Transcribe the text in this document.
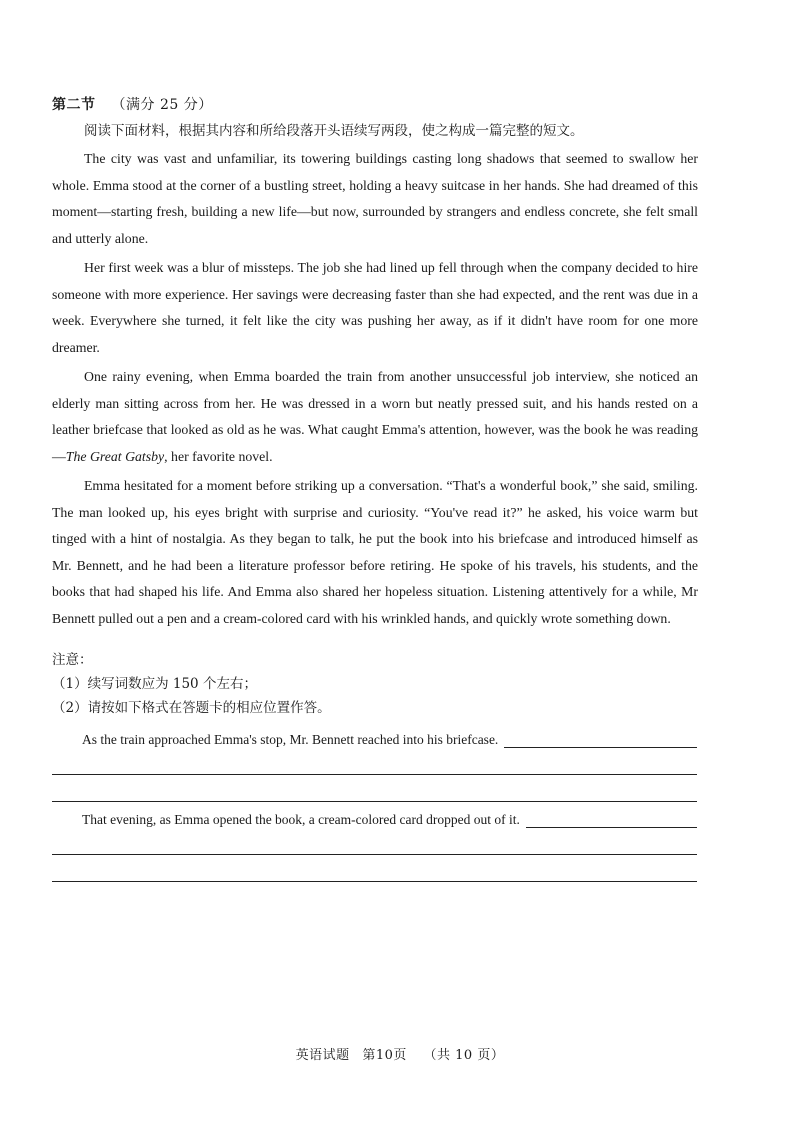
第二节 （满分 25 分）
阅读下面材料，根据其内容和所给段落开头语续写两段，使之构成一篇完整的短文。

The city was vast and unfamiliar, its towering buildings casting long shadows that seemed to swallow her whole. Emma stood at the corner of a bustling street, holding a heavy suitcase in her hands. She had dreamed of this moment—starting fresh, building a new life—but now, surrounded by strangers and endless concrete, she felt small and utterly alone.

Her first week was a blur of missteps. The job she had lined up fell through when the company decided to hire someone with more experience. Her savings were decreasing faster than she had expected, and the rent was due in a week. Everywhere she turned, it felt like the city was pushing her away, as if it didn't have room for one more dreamer.

One rainy evening, when Emma boarded the train from another unsuccessful job interview, she noticed an elderly man sitting across from her. He was dressed in a worn but neatly pressed suit, and his hands rested on a leather briefcase that looked as old as he was. What caught Emma's attention, however, was the book he was reading—The Great Gatsby, her favorite novel.

Emma hesitated for a moment before striking up a conversation. “That's a wonderful book,” she said, smiling. The man looked up, his eyes bright with surprise and curiosity. “You've read it?” he asked, his voice warm but tinged with a hint of nostalgia. As they began to talk, he put the book into his briefcase and introduced himself as Mr. Bennett, and he had been a literature professor before retiring. He spoke of his travels, his students, and the books that had shaped his life. And Emma also shared her hopeless situation. Listening attentively for a while, Mr Bennett pulled out a pen and a cream-colored card with his wrinkled hands, and quickly wrote something down.

注意：
（1）续写词数应为 150 个左右；
（2）请按如下格式在答题卡的相应位置作答。
As the train approached Emma's stop, Mr. Bennett reached into his briefcase.
That evening, as Emma opened the book, a cream-colored card dropped out of it.
英语试题 第10页 （共 10 页）
